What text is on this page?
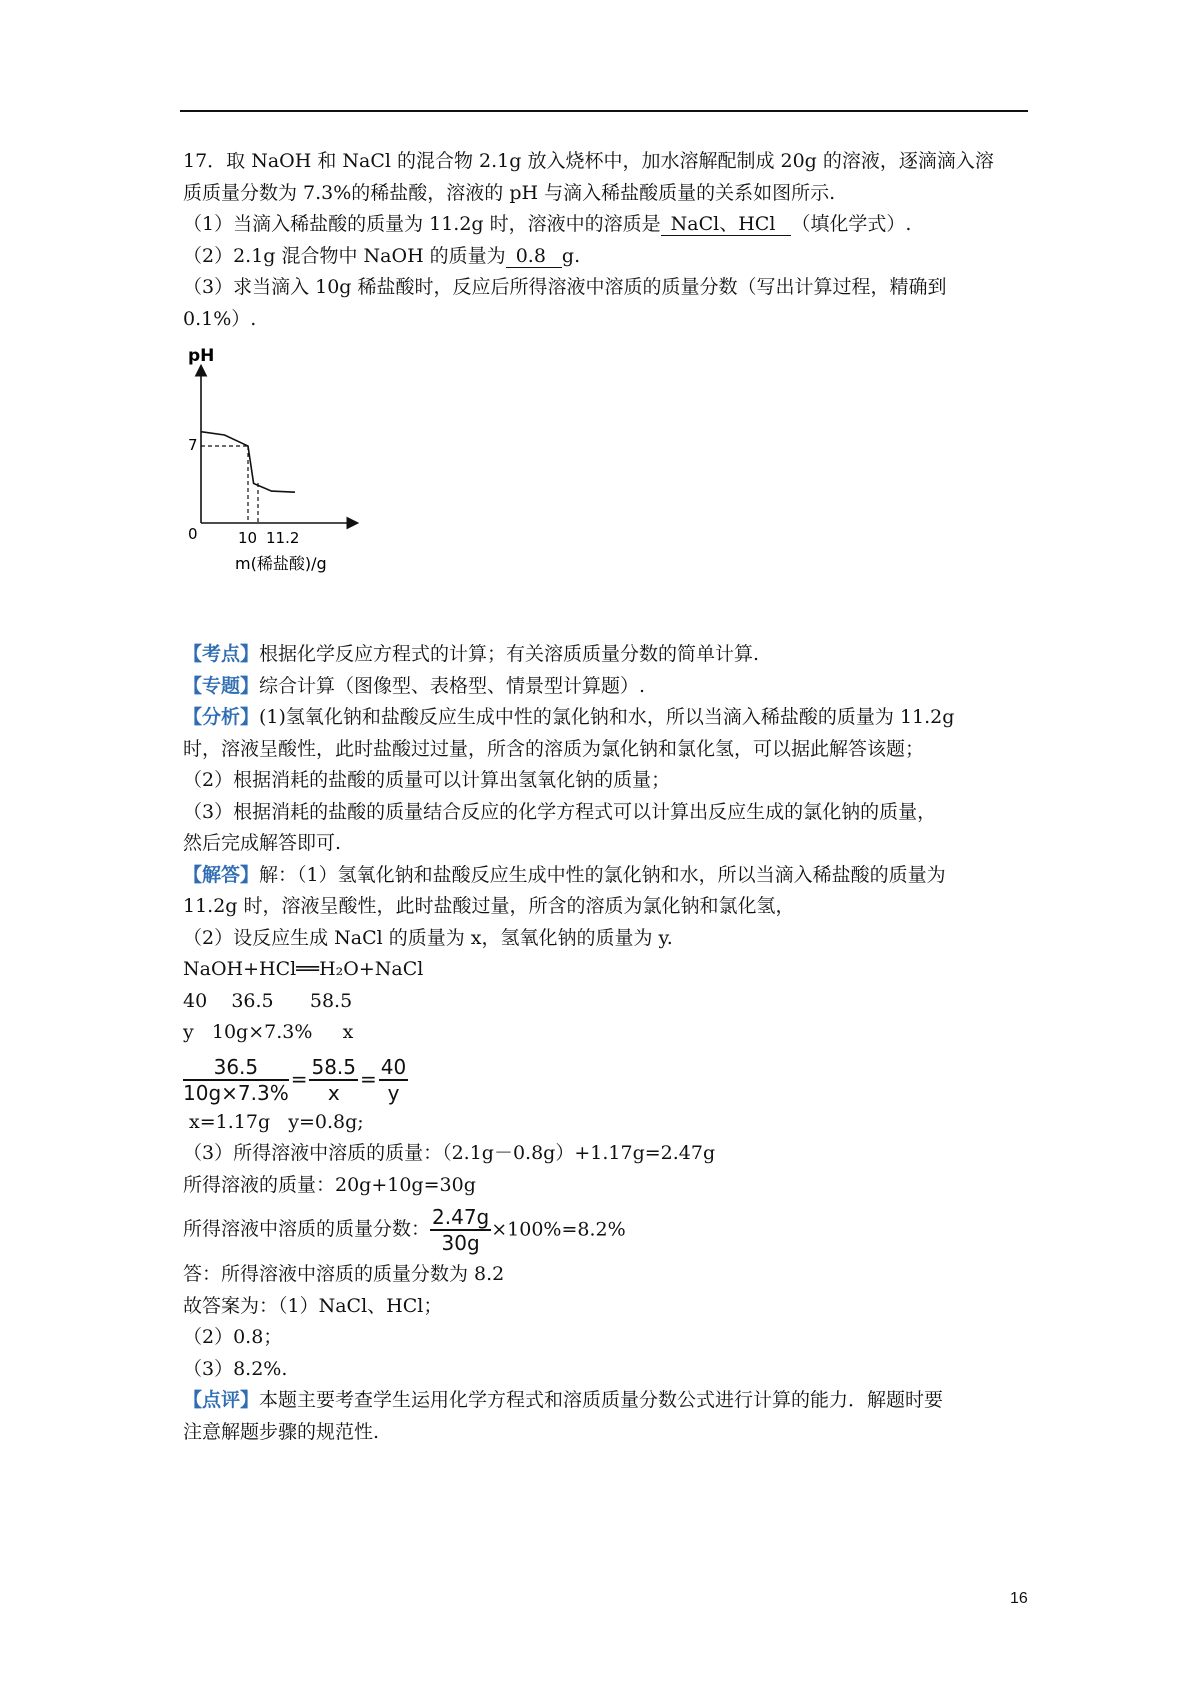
17．取 NaOH 和 NaCl 的混合物 2.1g 放入烧杯中，加水溶解配制成 20g 的溶液，逐滴滴入溶
质质量分数为 7.3%的稀盐酸，溶液的 pH 与滴入稀盐酸质量的关系如图所示.
（1）当滴入稀盐酸的质量为 11.2g 时，溶液中的溶质是 NaCl、HCl （填化学式）.
（2）2.1g 混合物中 NaOH 的质量为 0.8 g.
（3）求当滴入 10g 稀盐酸时，反应后所得溶液中溶质的质量分数（写出计算过程，精确到
0.1%）.
【考点】根据化学反应方程式的计算；有关溶质质量分数的简单计算.
【专题】综合计算（图像型、表格型、情景型计算题）.
【分析】(1)氢氧化钠和盐酸反应生成中性的氯化钠和水，所以当滴入稀盐酸的质量为 11.2g
时，溶液呈酸性，此时盐酸过过量，所含的溶质为氯化钠和氯化氢，可以据此解答该题；
（2）根据消耗的盐酸的质量可以计算出氢氧化钠的质量；
（3）根据消耗的盐酸的质量结合反应的化学方程式可以计算出反应生成的氯化钠的质量，
然后完成解答即可.
【解答】解：（1）氢氧化钠和盐酸反应生成中性的氯化钠和水，所以当滴入稀盐酸的质量为
11.2g 时，溶液呈酸性，此时盐酸过量，所含的溶质为氯化钠和氯化氢，
（2）设反应生成 NaCl 的质量为 x，氢氧化钠的质量为 y.
NaOH+HCl══H₂O+NaCl
40    36.5      58.5
y   10g×7.3%     x
$\frac{36.5}{10g\times 7.3\%} = \frac{58.5}{x} = \frac{40}{y}$
x=1.17g   y=0.8g;
（3）所得溶液中溶质的质量：（2.1g－0.8g）+1.17g=2.47g
所得溶液的质量：20g+10g=30g
所得溶液中溶质的质量分数： $\frac{2.47g}{30g} \times 100\%=8.2\%$
答：所得溶液中溶质的质量分数为 8.2
故答案为：（1）NaCl、HCl；
（2）0.8；
（3）8.2%.
【点评】本题主要考查学生运用化学方程式和溶质质量分数公式进行计算的能力．解题时要
注意解题步骤的规范性.
pH
0
7
10 11.2
m(稀盐酸)/g
16
